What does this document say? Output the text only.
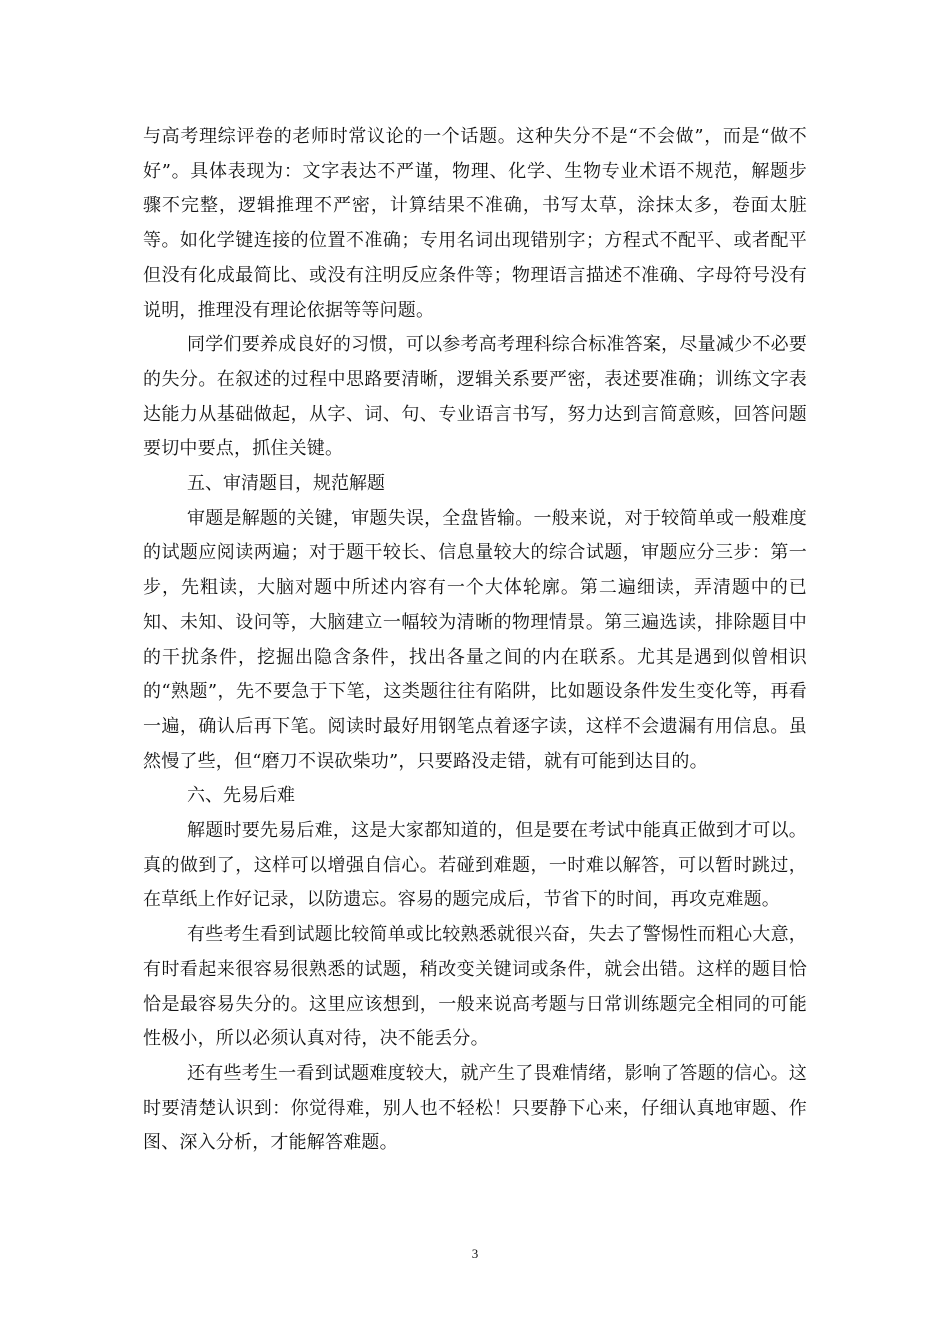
与高考理综评卷的老师时常议论的一个话题。这种失分不是“不会做”，而是“做不好”。具体表现为：文字表达不严谨，物理、化学、生物专业术语不规范，解题步骤不完整，逻辑推理不严密，计算结果不准确，书写太草，涂抹太多，卷面太脏等。如化学键连接的位置不准确；专用名词出现错别字；方程式不配平、或者配平但没有化成最简比、或没有注明反应条件等；物理语言描述不准确、字母符号没有说明，推理没有理论依据等等问题。

同学们要养成良好的习惯，可以参考高考理科综合标准答案，尽量减少不必要的失分。在叙述的过程中思路要清晰，逻辑关系要严密，表述要准确；训练文字表达能力从基础做起，从字、词、句、专业语言书写，努力达到言简意赅，回答问题要切中要点，抓住关键。

五、审清题目，规范解题

审题是解题的关键，审题失误，全盘皆输。一般来说，对于较简单或一般难度的试题应阅读两遍；对于题干较长、信息量较大的综合试题，审题应分三步：第一步，先粗读，大脑对题中所述内容有一个大体轮廓。第二遍细读，弄清题中的已知、未知、设问等，大脑建立一幅较为清晰的物理情景。第三遍选读，排除题目中的干扰条件，挖掘出隐含条件，找出各量之间的内在联系。尤其是遇到似曾相识的“熟题”，先不要急于下笔，这类题往往有陷阱，比如题设条件发生变化等，再看一遍，确认后再下笔。阅读时最好用钢笔点着逐字读，这样不会遗漏有用信息。虽然慢了些，但“磨刀不误砍柴功”，只要路没走错，就有可能到达目的。

六、先易后难

解题时要先易后难，这是大家都知道的，但是要在考试中能真正做到才可以。真的做到了，这样可以增强自信心。若碰到难题，一时难以解答，可以暂时跳过，在草纸上作好记录，以防遗忘。容易的题完成后，节省下的时间，再攻克难题。

有些考生看到试题比较简单或比较熟悉就很兴奋，失去了警惕性而粗心大意，有时看起来很容易很熟悉的试题，稍改变关键词或条件，就会出错。这样的题目恰恰是最容易失分的。这里应该想到，一般来说高考题与日常训练题完全相同的可能性极小，所以必须认真对待，决不能丢分。

还有些考生一看到试题难度较大，就产生了畏难情绪，影响了答题的信心。这时要清楚认识到：你觉得难，别人也不轻松！只要静下心来，仔细认真地审题、作图、深入分析，才能解答难题。

3
